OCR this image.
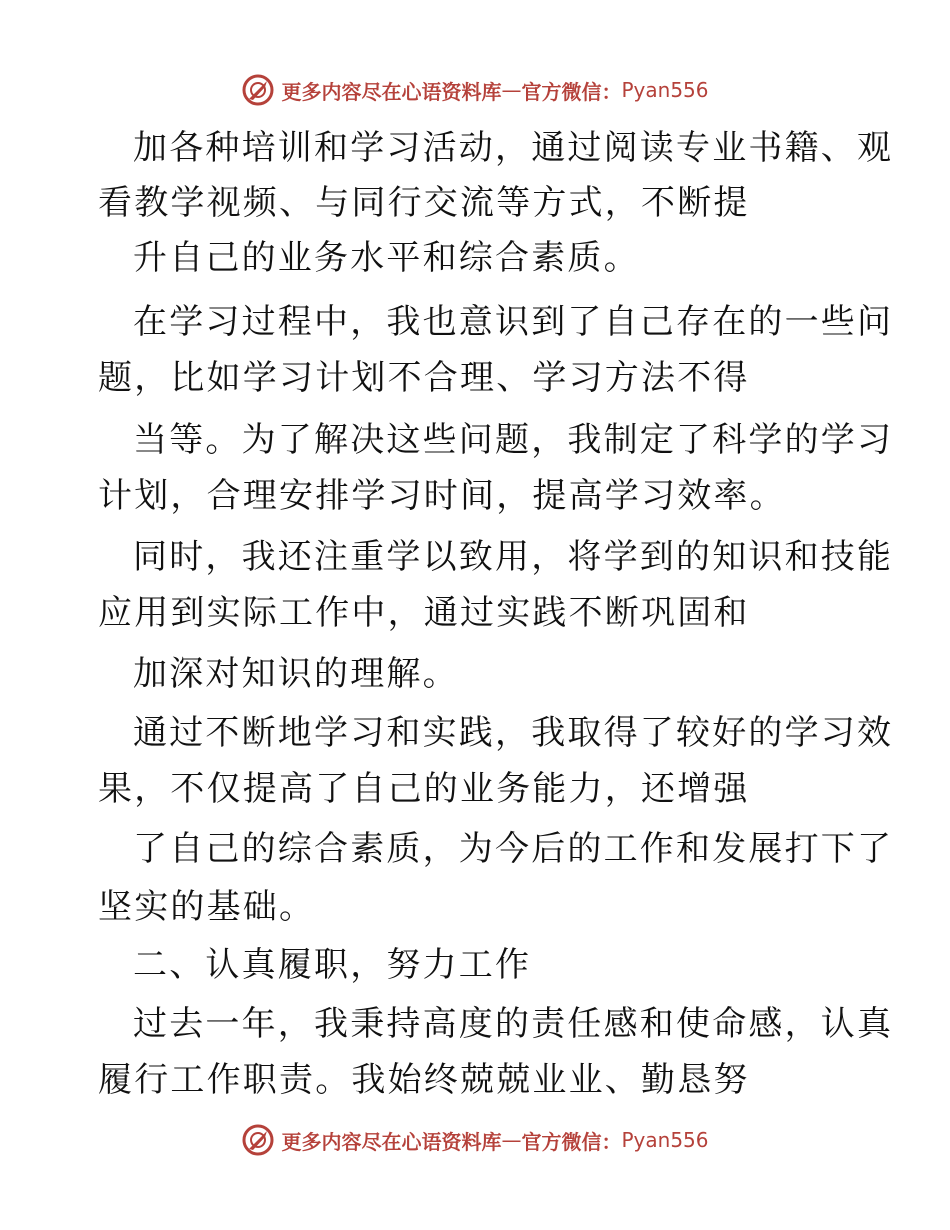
更多内容尽在心语资料库 — 官方微信： Pyan556
加各种培训和学习活动，通过阅读专业书籍、观
看教学视频、与同行交流等方式，不断提
升自己的业务水平和综合素质。
在学习过程中，我也意识到了自己存在的一些问
题，比如学习计划不合理、学习方法不得
当等。为了解决这些问题，我制定了科学的学习
计划，合理安排学习时间，提高学习效率。
同时，我还注重学以致用，将学到的知识和技能
应用到实际工作中，通过实践不断巩固和
加深对知识的理解。
通过不断地学习和实践，我取得了较好的学习效
果，不仅提高了自己的业务能力，还增强
了自己的综合素质，为今后的工作和发展打下了
坚实的基础。
二、认真履职，努力工作
过去一年，我秉持高度的责任感和使命感，认真
履行工作职责。我始终兢兢业业、勤恳努
更多内容尽在心语资料库 — 官方微信： Pyan556
